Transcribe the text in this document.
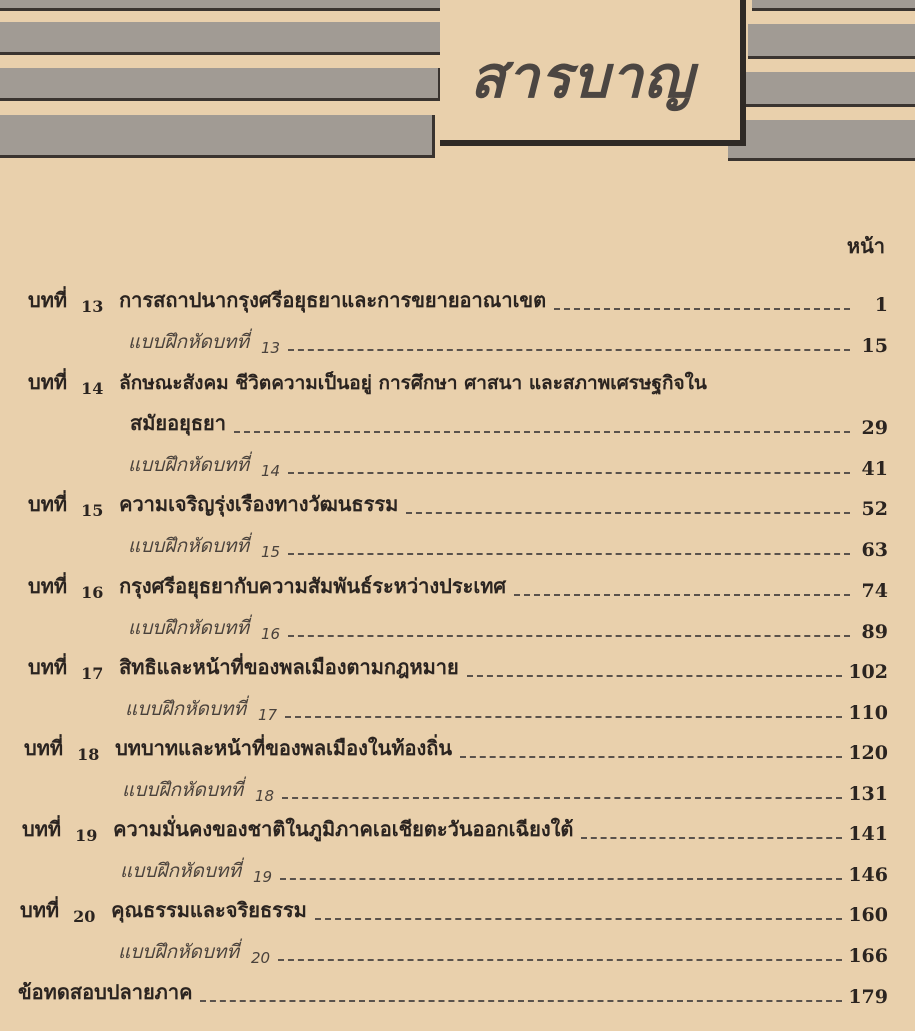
สารบาญ
หน้า
บทที่ 13 การสถาปนากรุงศรีอยุธยาและการขยายอาณาเขต	1
แบบฝึกหัดบทที่ 13	15
บทที่ 14 ลักษณะสังคม ชีวิตความเป็นอยู่ การศึกษา ศาสนา และสภาพเศรษฐกิจใน
สมัยอยุธยา	29
แบบฝึกหัดบทที่ 14	41
บทที่ 15 ความเจริญรุ่งเรืองทางวัฒนธรรม	52
แบบฝึกหัดบทที่ 15	63
บทที่ 16 กรุงศรีอยุธยากับความสัมพันธ์ระหว่างประเทศ	74
แบบฝึกหัดบทที่ 16	89
บทที่ 17 สิทธิและหน้าที่ของพลเมืองตามกฎหมาย	102
แบบฝึกหัดบทที่ 17	110
บทที่ 18 บทบาทและหน้าที่ของพลเมืองในท้องถิ่น	120
แบบฝึกหัดบทที่ 18	131
บทที่ 19 ความมั่นคงของชาติในภูมิภาคเอเชียตะวันออกเฉียงใต้	141
แบบฝึกหัดบทที่ 19	146
บทที่ 20 คุณธรรมและจริยธรรม	160
แบบฝึกหัดบทที่ 20	166
ข้อทดสอบปลายภาค	179
